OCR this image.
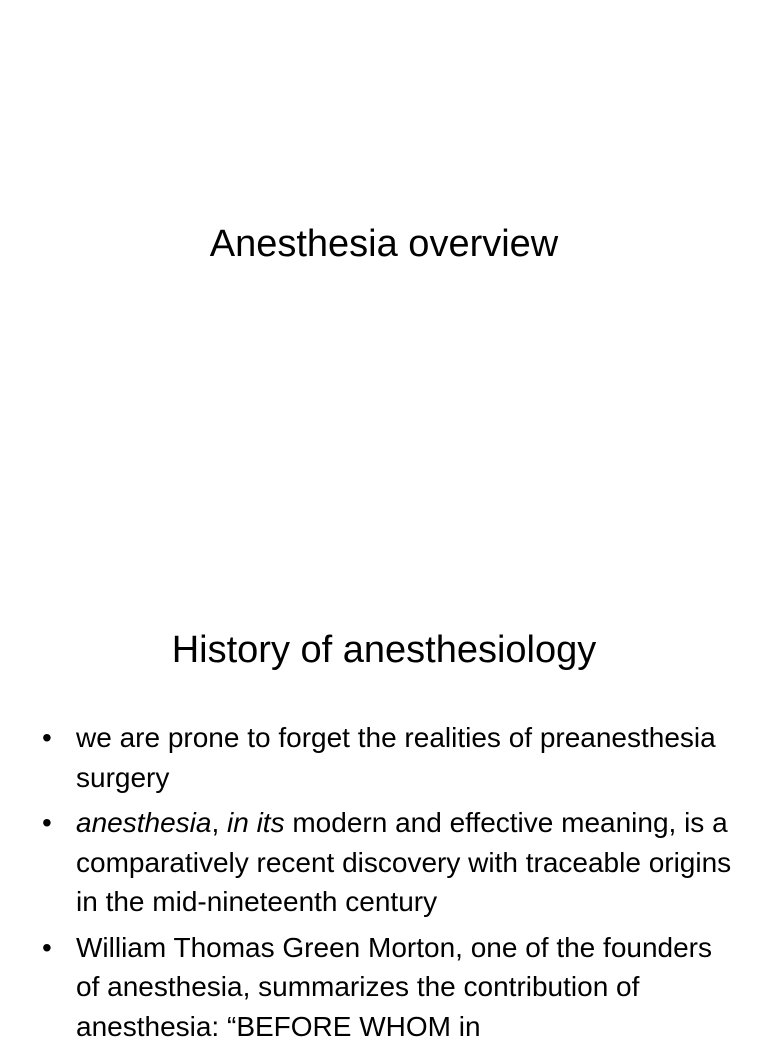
Anesthesia overview
History of anesthesiology
• we are prone to forget the realities of preanesthesia surgery
• anesthesia, in its modern and effective meaning, is a comparatively recent discovery with traceable origins in the mid-nineteenth century
• William Thomas Green Morton, one of the founders of anesthesia, summarizes the contribution of anesthesia: “BEFORE WHOM in
